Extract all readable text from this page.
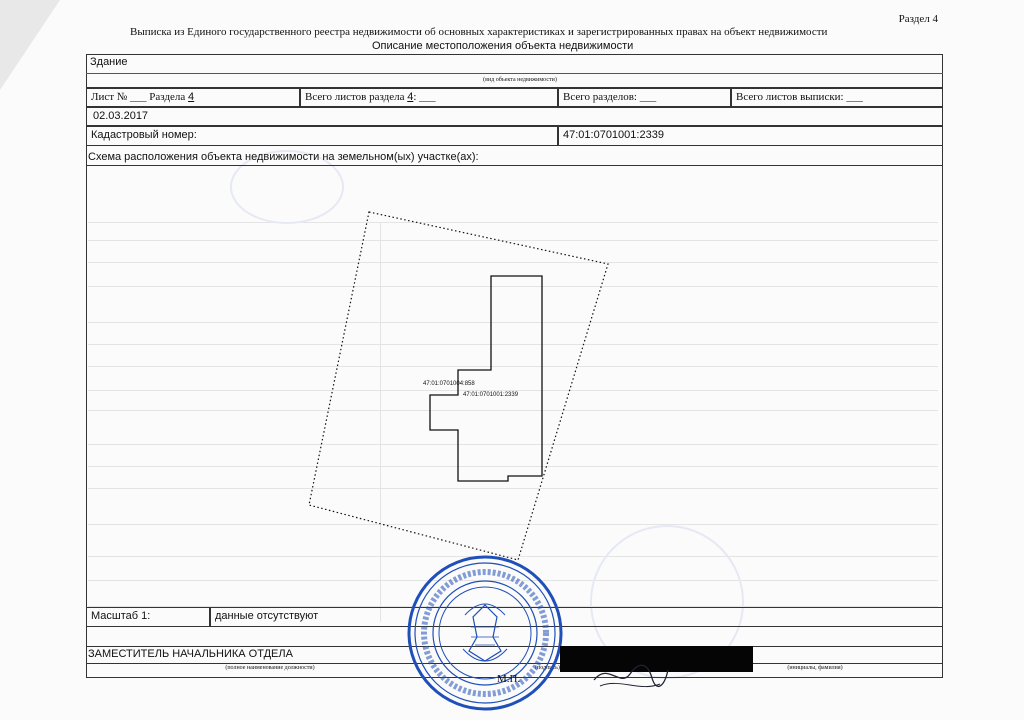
Раздел 4
Выписка из Единого государственного реестра недвижимости об основных характеристиках и зарегистрированных правах на объект недвижимости
Описание местоположения объекта недвижимости
Здание
(вид объекта недвижимости)
Лист № ___ Раздела 4	Всего листов раздела 4: ___	Всего разделов: ___	Всего листов выписки: ___
02.03.2017
Кадастровый номер:	47:01:0701001:2339
Схема расположения объекта недвижимости на земельном(ых) участке(ах):
47:01:0701004:858
47:01:0701001:2339
Масштаб 1:	данные отсутствуют
ЗАМЕСТИТЕЛЬ НАЧАЛЬНИКА ОТДЕЛА
(полное наименование должности)	(подпись)	(инициалы, фамилия)
М.П.
